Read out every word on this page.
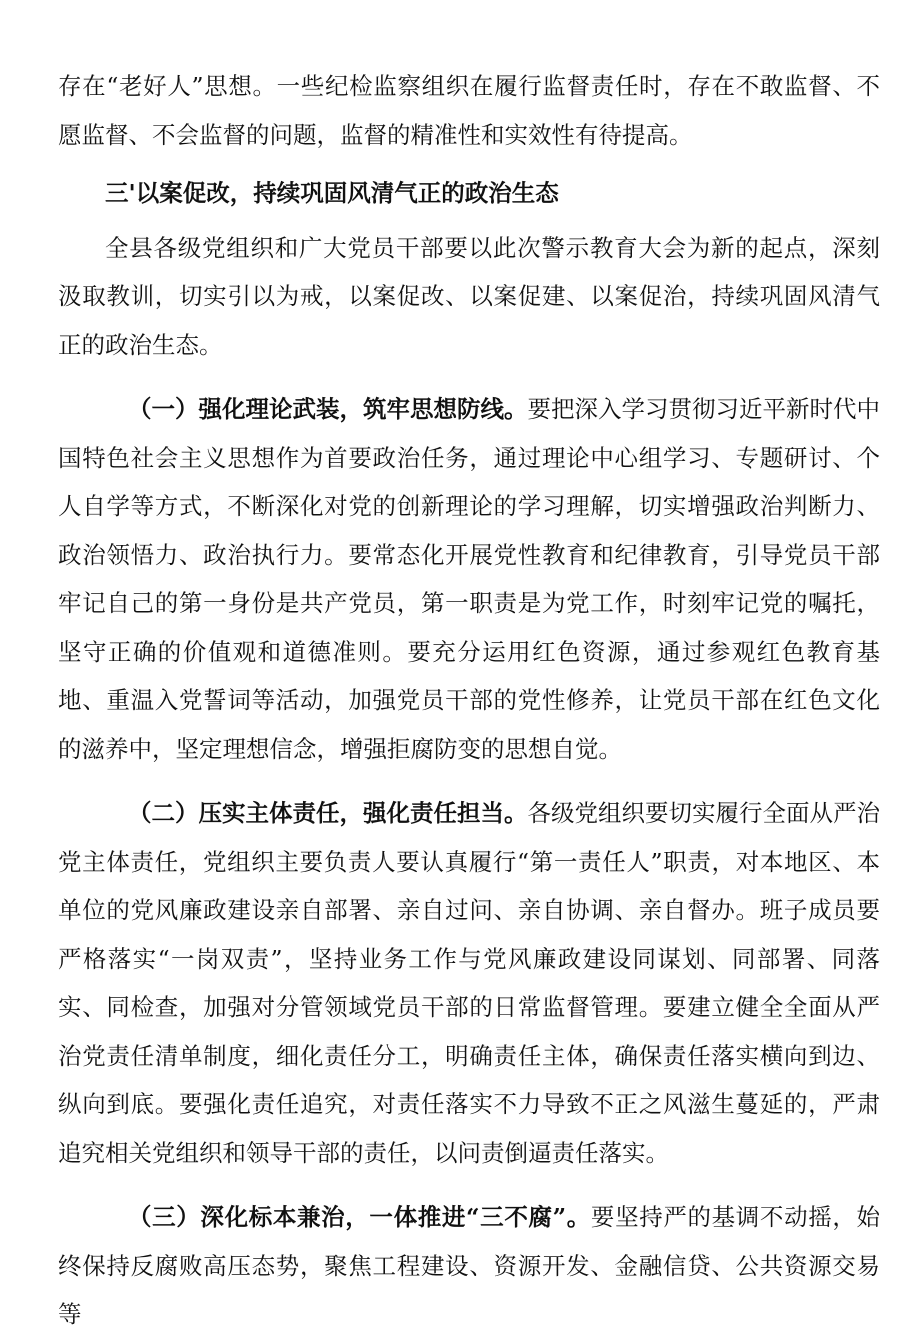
存在“老好人”思想。一些纪检监察组织在履行监督责任时，存在不敢监督、不愿监督、不会监督的问题，监督的精准性和实效性有待提高。

三'以案促改，持续巩固风清气正的政治生态

全县各级党组织和广大党员干部要以此次警示教育大会为新的起点，深刻汲取教训，切实引以为戒，以案促改、以案促建、以案促治，持续巩固风清气正的政治生态。

（一）强化理论武装，筑牢思想防线。要把深入学习贯彻习近平新时代中国特色社会主义思想作为首要政治任务，通过理论中心组学习、专题研讨、个人自学等方式，不断深化对党的创新理论的学习理解，切实增强政治判断力、政治领悟力、政治执行力。要常态化开展党性教育和纪律教育，引导党员干部牢记自己的第一身份是共产党员，第一职责是为党工作，时刻牢记党的嘱托，坚守正确的价值观和道德准则。要充分运用红色资源，通过参观红色教育基地、重温入党誓词等活动，加强党员干部的党性修养，让党员干部在红色文化的滋养中，坚定理想信念，增强拒腐防变的思想自觉。

（二）压实主体责任，强化责任担当。各级党组织要切实履行全面从严治党主体责任，党组织主要负责人要认真履行“第一责任人”职责，对本地区、本单位的党风廉政建设亲自部署、亲自过问、亲自协调、亲自督办。班子成员要严格落实“一岗双责”，坚持业务工作与党风廉政建设同谋划、同部署、同落实、同检查，加强对分管领域党员干部的日常监督管理。要建立健全全面从严治党责任清单制度，细化责任分工，明确责任主体，确保责任落实横向到边、纵向到底。要强化责任追究，对责任落实不力导致不正之风滋生蔓延的，严肃追究相关党组织和领导干部的责任，以问责倒逼责任落实。

（三）深化标本兼治，一体推进“三不腐”。要坚持严的基调不动摇，始终保持反腐败高压态势，聚焦工程建设、资源开发、金融信贷、公共资源交易等
